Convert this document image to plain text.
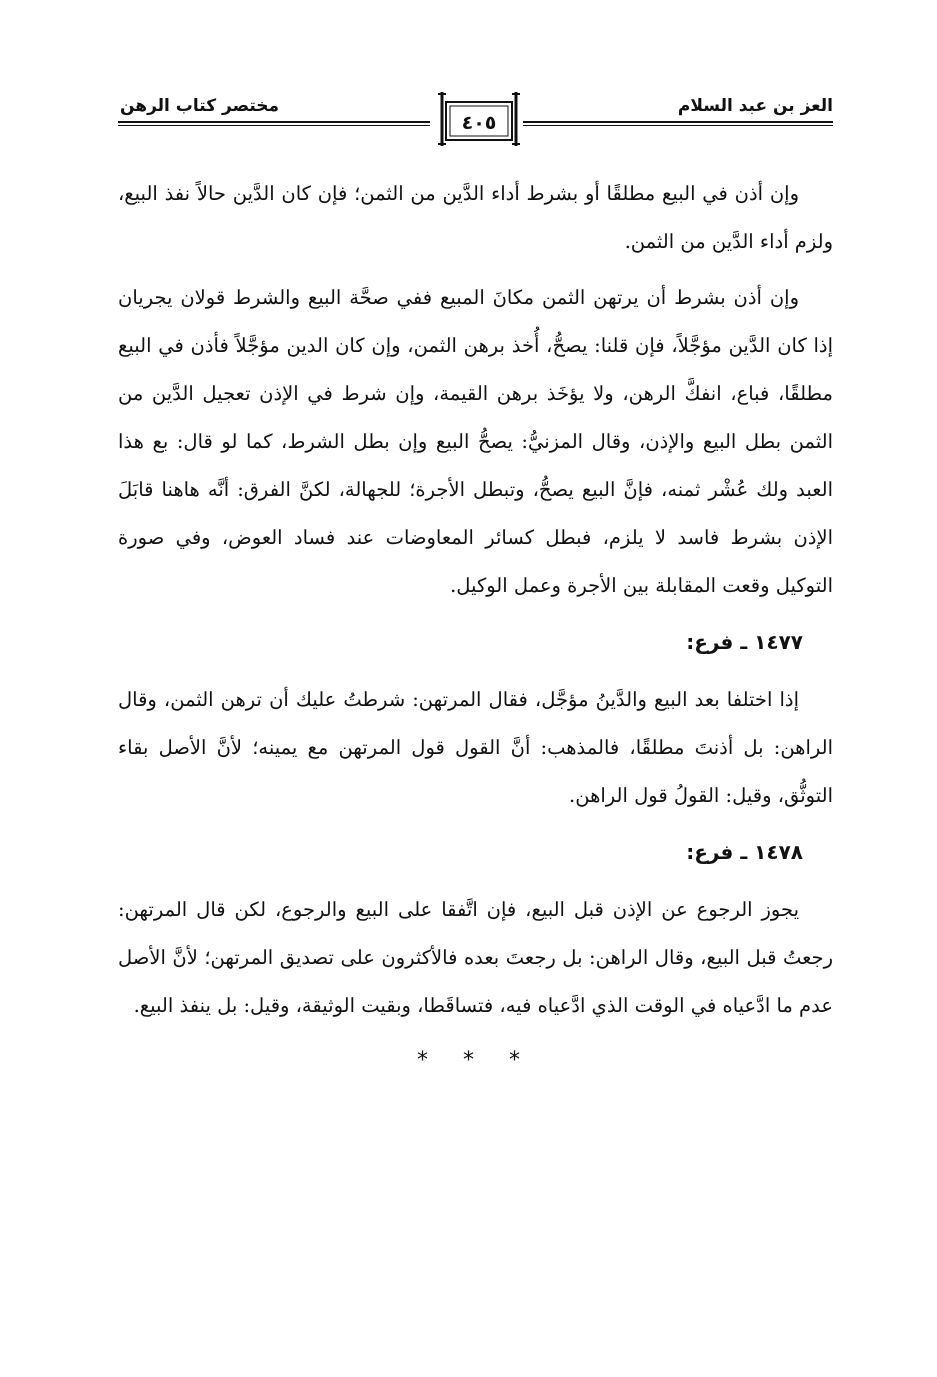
العز بن عبد السلام
مختصر كتاب الرهن
٤٠٥

وإن أذن في البيع مطلقًا أو بشرط أداء الدَّين من الثمن؛ فإن كان الدَّين حالاً نفذ البيع، ولزم أداء الدَّين من الثمن.

وإن أذن بشرط أن يرتهن الثمن مكانَ المبيع ففي صحَّة البيع والشرط قولان يجريان إذا كان الدَّين مؤجَّلاً، فإن قلنا: يصحُّ، أُخذ برهن الثمن، وإن كان الدين مؤجَّلاً فأذن في البيع مطلقًا، فباع، انفكَّ الرهن، ولا يؤخَذ برهن القيمة، وإن شرط في الإذن تعجيل الدَّين من الثمن بطل البيع والإذن، وقال المزنيُّ: يصحُّ البيع وإن بطل الشرط، كما لو قال: بع هذا العبد ولك عُشْر ثمنه، فإنَّ البيع يصحُّ، وتبطل الأجرة؛ للجهالة، لكنَّ الفرق: أنَّه هاهنا قابَلَ الإذن بشرط فاسد لا يلزم، فبطل كسائر المعاوضات عند فساد العوض، وفي صورة التوكيل وقعت المقابلة بين الأجرة وعمل الوكيل.

١٤٧٧ ـ فرع:

إذا اختلفا بعد البيع والدَّينُ مؤجَّل، فقال المرتهن: شرطتُ عليك أن ترهن الثمن، وقال الراهن: بل أذنتَ مطلقًا، فالمذهب: أنَّ القول قول المرتهن مع يمينه؛ لأنَّ الأصل بقاء التوثُّق، وقيل: القولُ قول الراهن.

١٤٧٨ ـ فرع:

يجوز الرجوع عن الإذن قبل البيع، فإن اتَّفقا على البيع والرجوع، لكن قال المرتهن: رجعتُ قبل البيع، وقال الراهن: بل رجعتَ بعده فالأكثرون على تصديق المرتهن؛ لأنَّ الأصل عدم ما ادَّعياه في الوقت الذي ادَّعياه فيه، فتساقَطا، وبقيت الوثيقة، وقيل: بل ينفذ البيع.

* * *
